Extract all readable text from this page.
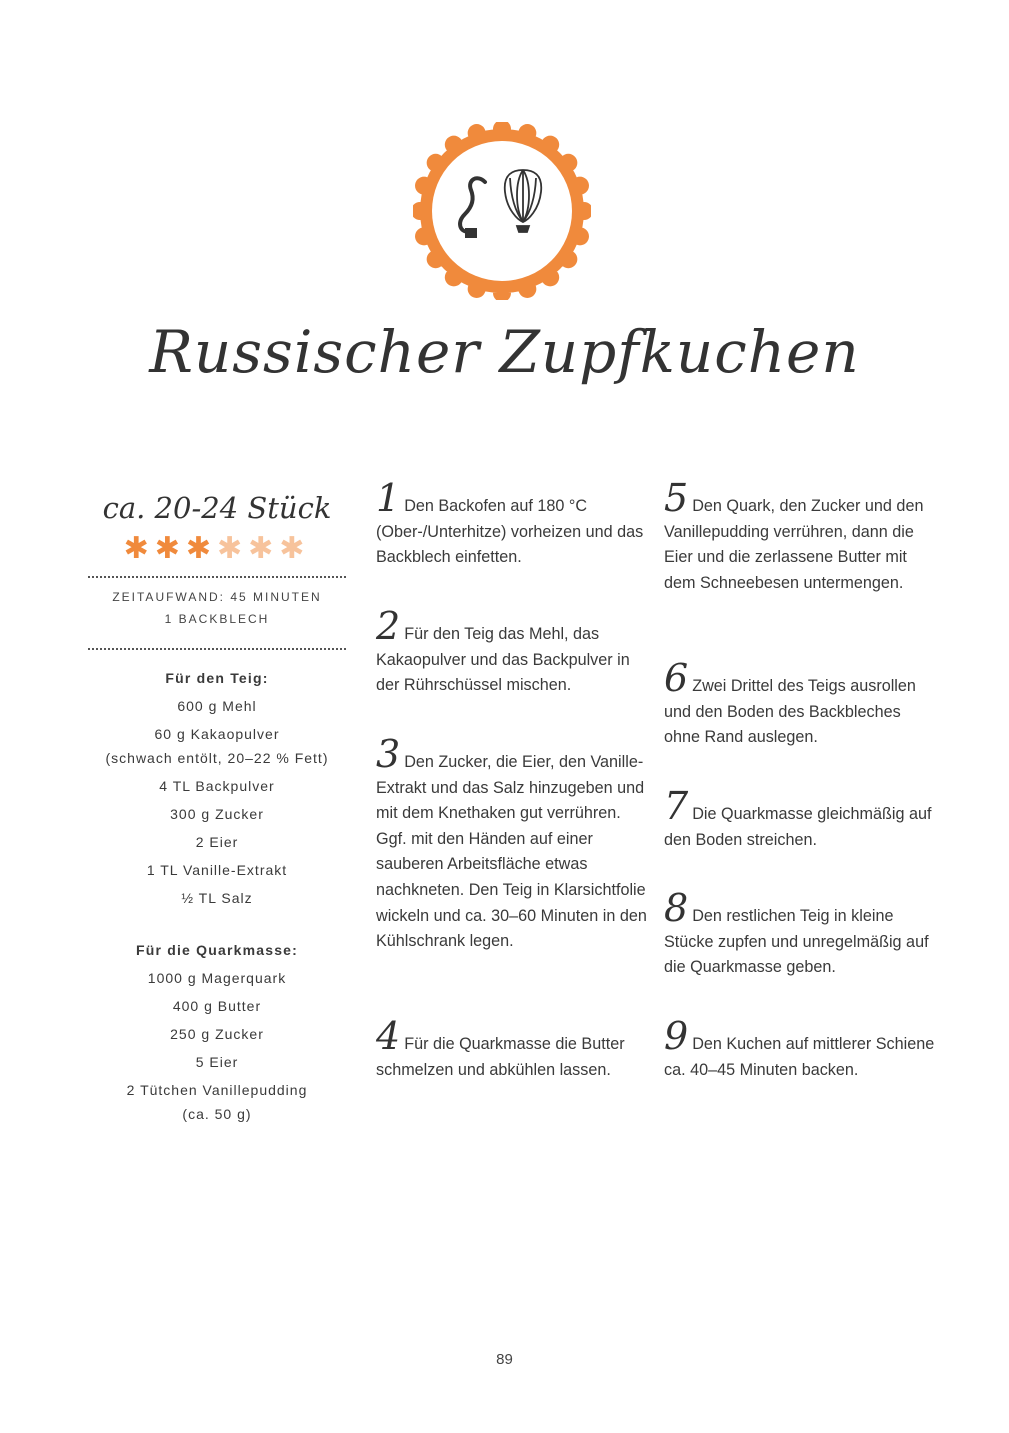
Russischer Zupfkuchen
ca. 20-24 Stück
✱✱✱✱✱✱
ZEITAUFWAND: 45 MINUTEN
1 BACKBLECH
Für den Teig:
600 g Mehl
60 g Kakaopulver
(schwach entölt, 20–22 % Fett)
4 TL Backpulver
300 g Zucker
2 Eier
1 TL Vanille-Extrakt
½ TL Salz
Für die Quarkmasse:
1000 g Magerquark
400 g Butter
250 g Zucker
5 Eier
2 Tütchen Vanillepudding
(ca. 50 g)
1 Den Backofen auf 180 °C (Ober-/Unterhitze) vorheizen und das Backblech einfetten.
2 Für den Teig das Mehl, das Kakaopulver und das Backpulver in der Rührschüssel mischen.
3 Den Zucker, die Eier, den Vanille-Extrakt und das Salz hinzugeben und mit dem Knethaken gut verrühren. Ggf. mit den Händen auf einer sauberen Arbeitsfläche etwas nachkneten. Den Teig in Klarsichtfolie wickeln und ca. 30–60 Minuten in den Kühlschrank legen.
4 Für die Quarkmasse die Butter schmelzen und abkühlen lassen.
5 Den Quark, den Zucker und den Vanillepudding verrühren, dann die Eier und die zerlassene Butter mit dem Schneebesen untermengen.
6 Zwei Drittel des Teigs ausrollen und den Boden des Backbleches ohne Rand auslegen.
7 Die Quarkmasse gleichmäßig auf den Boden streichen.
8 Den restlichen Teig in kleine Stücke zupfen und unregelmäßig auf die Quarkmasse geben.
9 Den Kuchen auf mittlerer Schiene ca. 40–45 Minuten backen.
89
